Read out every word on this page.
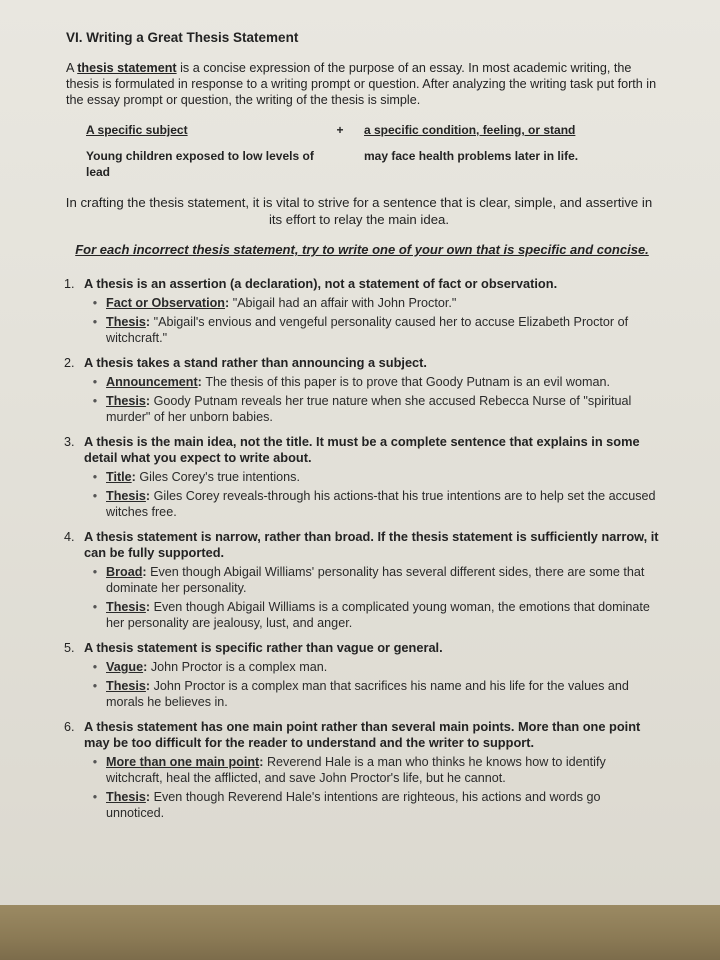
VI. Writing a Great Thesis Statement

A thesis statement is a concise expression of the purpose of an essay. In most academic writing, the thesis is formulated in response to a writing prompt or question. After analyzing the writing task put forth in the essay prompt or question, the writing of the thesis is simple.

A specific subject
Young children exposed to low levels of lead
+	a specific condition, feeling, or stand
may face health problems later in life.

In crafting the thesis statement, it is vital to strive for a sentence that is clear, simple, and assertive in its effort to relay the main idea.

For each incorrect thesis statement, try to write one of your own that is specific and concise.

1. A thesis is an assertion (a declaration), not a statement of fact or observation.
• Fact or Observation: "Abigail had an affair with John Proctor."
• Thesis: "Abigail's envious and vengeful personality caused her to accuse Elizabeth Proctor of witchcraft."
2. A thesis takes a stand rather than announcing a subject.
• Announcement: The thesis of this paper is to prove that Goody Putnam is an evil woman.
• Thesis: Goody Putnam reveals her true nature when she accused Rebecca Nurse of "spiritual murder" of her unborn babies.
3. A thesis is the main idea, not the title. It must be a complete sentence that explains in some detail what you expect to write about.
• Title: Giles Corey's true intentions.
• Thesis: Giles Corey reveals-through his actions-that his true intentions are to help set the accused witches free.
4. A thesis statement is narrow, rather than broad. If the thesis statement is sufficiently narrow, it can be fully supported.
• Broad: Even though Abigail Williams' personality has several different sides, there are some that dominate her personality.
• Thesis: Even though Abigail Williams is a complicated young woman, the emotions that dominate her personality are jealousy, lust, and anger.
5. A thesis statement is specific rather than vague or general.
• Vague: John Proctor is a complex man.
• Thesis: John Proctor is a complex man that sacrifices his name and his life for the values and morals he believes in.
6. A thesis statement has one main point rather than several main points. More than one point may be too difficult for the reader to understand and the writer to support.
• More than one main point: Reverend Hale is a man who thinks he knows how to identify witchcraft, heal the afflicted, and save John Proctor's life, but he cannot.
• Thesis: Even though Reverend Hale's intentions are righteous, his actions and words go unnoticed.
